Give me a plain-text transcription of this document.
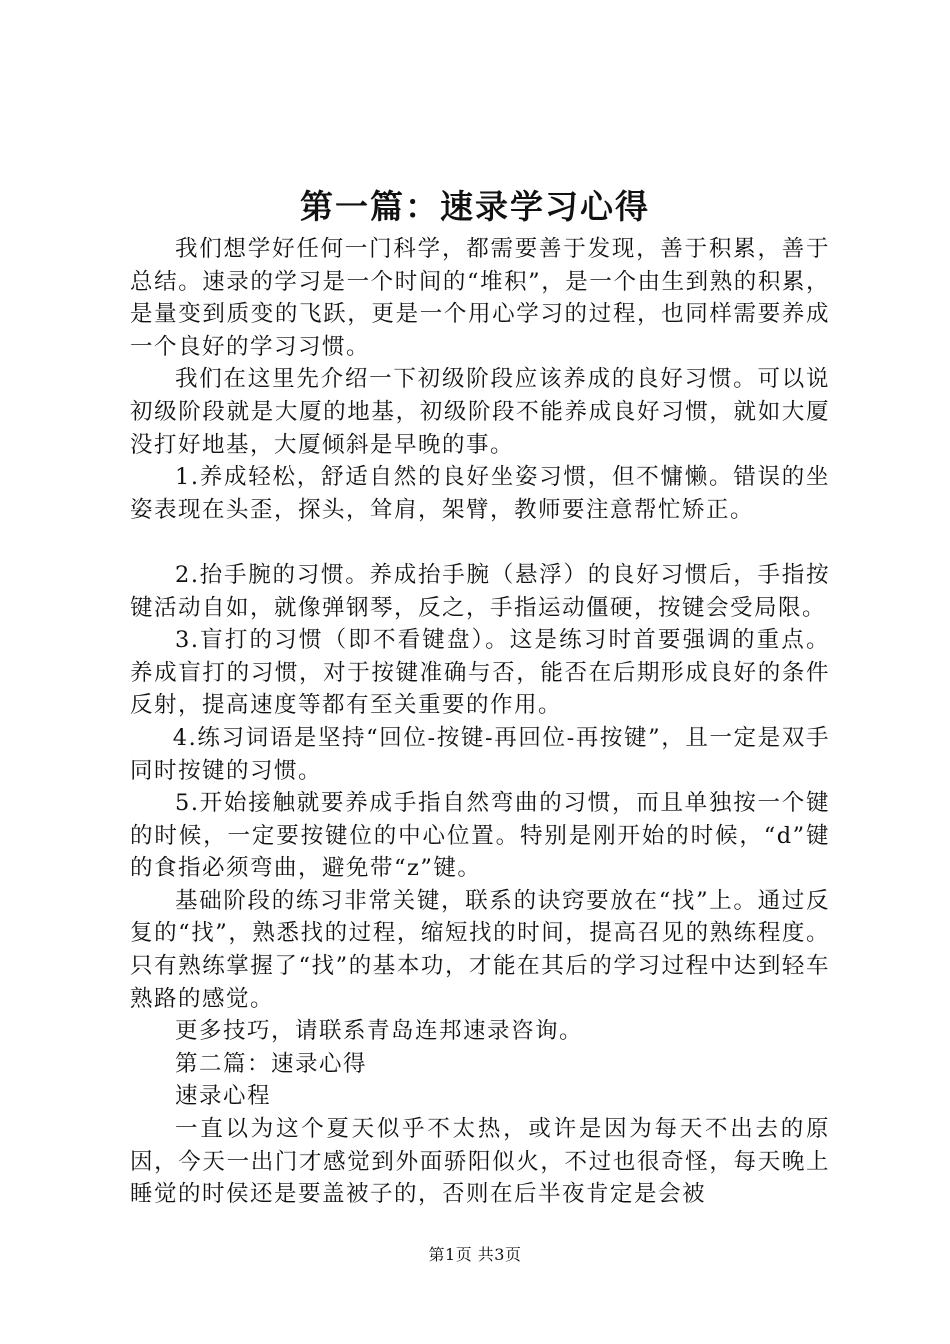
第一篇：速录学习心得

我们想学好任何一门科学，都需要善于发现，善于积累，善于总结。速录的学习是一个时间的“堆积”，是一个由生到熟的积累，是量变到质变的飞跃，更是一个用心学习的过程，也同样需要养成一个良好的学习习惯。

我们在这里先介绍一下初级阶段应该养成的良好习惯。可以说初级阶段就是大厦的地基，初级阶段不能养成良好习惯，就如大厦没打好地基，大厦倾斜是早晚的事。

1.养成轻松，舒适自然的良好坐姿习惯，但不慵懒。错误的坐姿表现在头歪，探头，耸肩，架臂，教师要注意帮忙矫正。

2.抬手腕的习惯。养成抬手腕（悬浮）的良好习惯后，手指按键活动自如，就像弹钢琴，反之，手指运动僵硬，按键会受局限。

3.盲打的习惯（即不看键盘）。这是练习时首要强调的重点。养成盲打的习惯，对于按键准确与否，能否在后期形成良好的条件反射，提高速度等都有至关重要的作用。

4.练习词语是坚持“回位-按键-再回位-再按键”，且一定是双手同时按键的习惯。

5.开始接触就要养成手指自然弯曲的习惯，而且单独按一个键的时候，一定要按键位的中心位置。特别是刚开始的时候，“d”键的食指必须弯曲，避免带“z”键。

基础阶段的练习非常关键，联系的诀窍要放在“找”上。通过反复的“找”，熟悉找的过程，缩短找的时间，提高召见的熟练程度。只有熟练掌握了“找”的基本功，才能在其后的学习过程中达到轻车熟路的感觉。

更多技巧，请联系青岛连邦速录咨询。

第二篇：速录心得

速录心程

一直以为这个夏天似乎不太热，或许是因为每天不出去的原因，今天一出门才感觉到外面骄阳似火，不过也很奇怪，每天晚上睡觉的时侯还是要盖被子的，否则在后半夜肯定是会被

第1页 共3页
